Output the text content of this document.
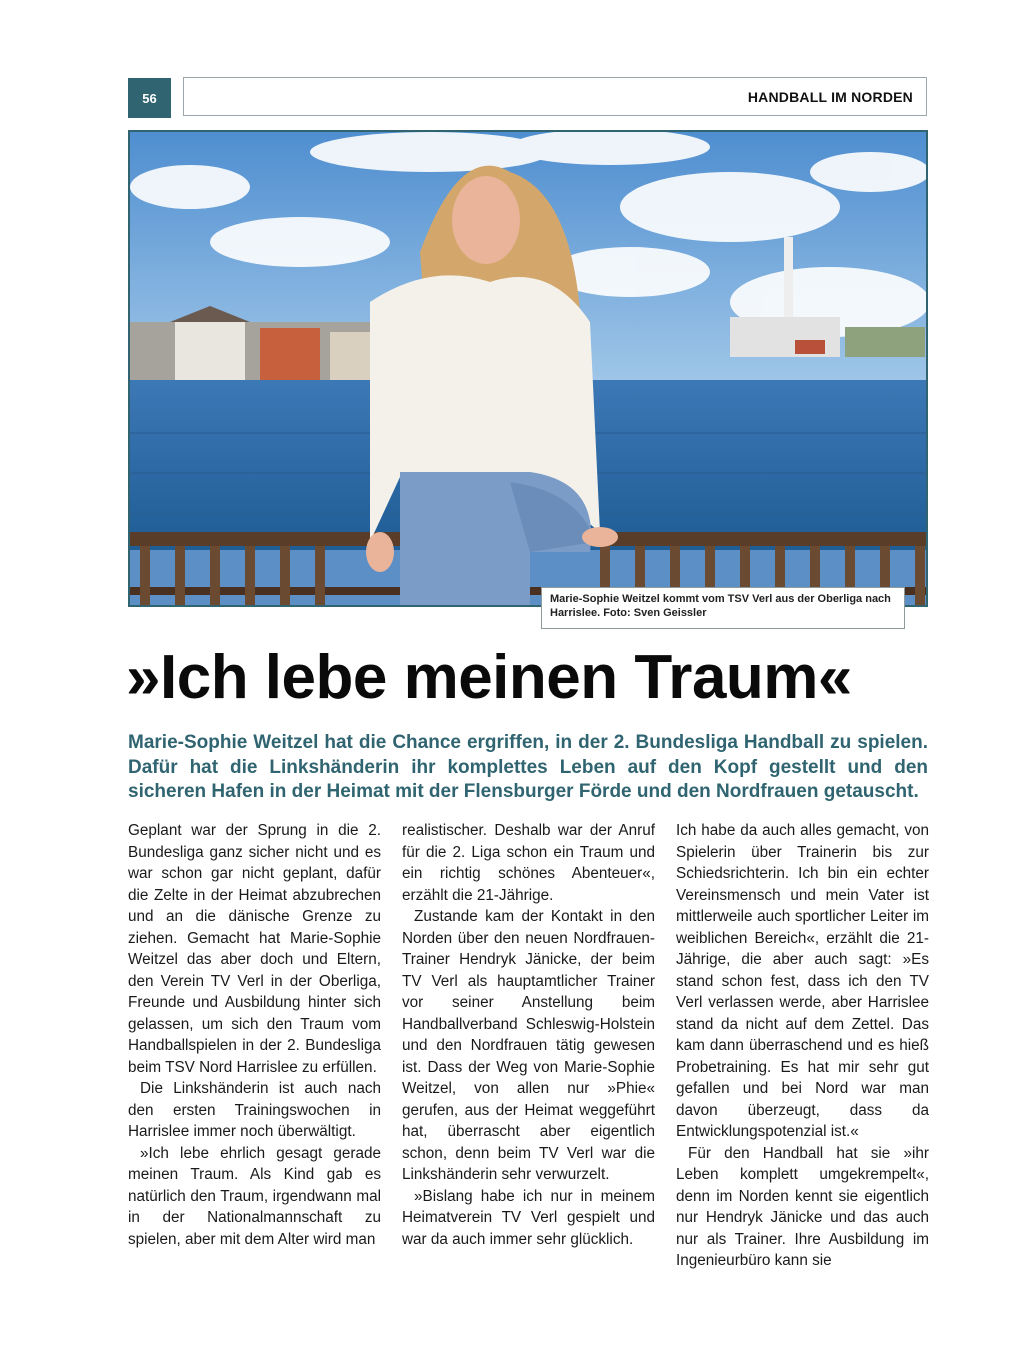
56	HANDBALL IM NORDEN
Marie-Sophie Weitzel kommt vom TSV Verl aus der Oberliga nach Harrislee. Foto: Sven Geissler
»Ich lebe meinen Traum«
Marie-Sophie Weitzel hat die Chance ergriffen, in der 2. Bundesliga Handball zu spielen. Dafür hat die Linkshänderin ihr komplettes Leben auf den Kopf gestellt und den sicheren Hafen in der Heimat mit der Flensburger Förde und den Nordfrauen getauscht.

Geplant war der Sprung in die 2. Bundesliga ganz sicher nicht und es war schon gar nicht geplant, dafür die Zelte in der Heimat abzubrechen und an die dänische Grenze zu ziehen. Gemacht hat Marie-Sophie Weitzel das aber doch und Eltern, den Verein TV Verl in der Oberliga, Freunde und Ausbildung hinter sich gelassen, um sich den Traum vom Handballspielen in der 2. Bundesliga beim TSV Nord Harrislee zu erfüllen.

Die Linkshänderin ist auch nach den ersten Trainingswochen in Harrislee immer noch überwältigt.

»Ich lebe ehrlich gesagt gerade meinen Traum. Als Kind gab es natürlich den Traum, irgendwann mal in der Nationalmannschaft zu spielen, aber mit dem Alter wird man

realistischer. Deshalb war der Anruf für die 2. Liga schon ein Traum und ein richtig schönes Abenteuer«, erzählt die 21-Jährige.

Zustande kam der Kontakt in den Norden über den neuen Nordfrauen-Trainer Hendryk Jänicke, der beim TV Verl als hauptamtlicher Trainer vor seiner Anstellung beim Handballverband Schleswig-Holstein und den Nordfrauen tätig gewesen ist. Dass der Weg von Marie-Sophie Weitzel, von allen nur »Phie« gerufen, aus der Heimat weggeführt hat, überrascht aber eigentlich schon, denn beim TV Verl war die Linkshänderin sehr verwurzelt.

»Bislang habe ich nur in meinem Heimatverein TV Verl gespielt und war da auch immer sehr glücklich.

Ich habe da auch alles gemacht, von Spielerin über Trainerin bis zur Schiedsrichterin. Ich bin ein echter Vereinsmensch und mein Vater ist mittlerweile auch sportlicher Leiter im weiblichen Bereich«, erzählt die 21-Jährige, die aber auch sagt: »Es stand schon fest, dass ich den TV Verl verlassen werde, aber Harrislee stand da nicht auf dem Zettel. Das kam dann überraschend und es hieß Probetraining. Es hat mir sehr gut gefallen und bei Nord war man davon überzeugt, dass da Entwicklungspotenzial ist.«

Für den Handball hat sie »ihr Leben komplett umgekrempelt«, denn im Norden kennt sie eigentlich nur Hendryk Jänicke und das auch nur als Trainer. Ihre Ausbildung im Ingenieurbüro kann sie
